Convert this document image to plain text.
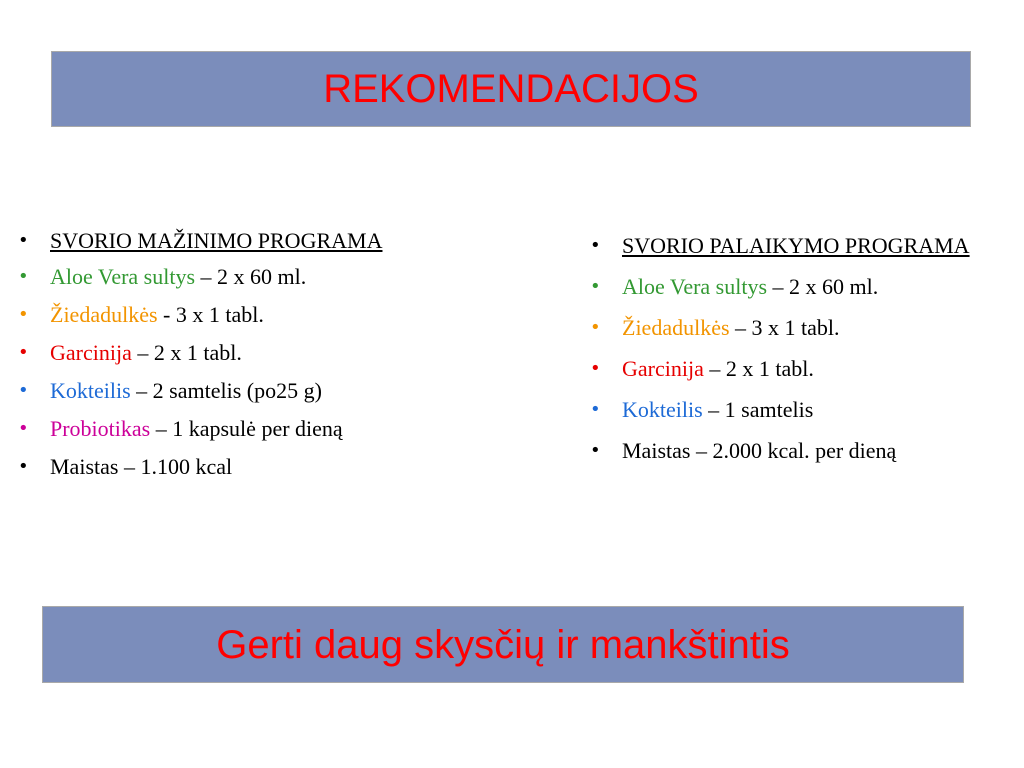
REKOMENDACIJOS
• SVORIO MAŽINIMO PROGRAMA
• Aloe Vera sultys – 2 x 60 ml.
• Žiedadulkės - 3 x 1 tabl.
• Garcinija – 2 x 1 tabl.
• Kokteilis – 2 samtelis (po25 g)
• Probiotikas – 1 kapsulė per dieną
• Maistas – 1.100 kcal
• SVORIO PALAIKYMO PROGRAMA
• Aloe Vera sultys – 2 x 60 ml.
• Žiedadulkės – 3 x 1 tabl.
• Garcinija – 2 x 1 tabl.
• Kokteilis – 1 samtelis
• Maistas – 2.000 kcal. per dieną
Gerti daug skysčių ir mankštintis
